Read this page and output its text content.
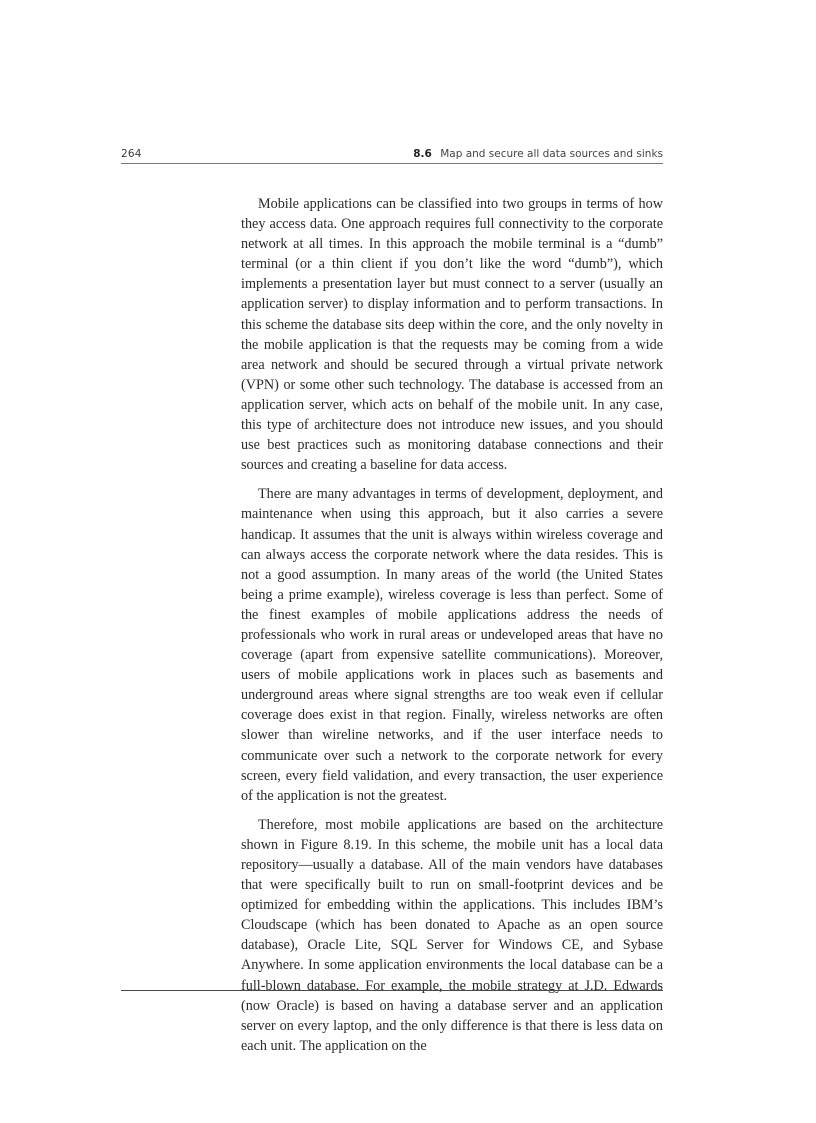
264	8.6 Map and secure all data sources and sinks

Mobile applications can be classified into two groups in terms of how they access data. One approach requires full connectivity to the corporate network at all times. In this approach the mobile terminal is a “dumb” terminal (or a thin client if you don’t like the word “dumb”), which implements a presentation layer but must connect to a server (usually an application server) to display information and to perform transactions. In this scheme the database sits deep within the core, and the only novelty in the mobile application is that the requests may be coming from a wide area network and should be secured through a virtual private network (VPN) or some other such technology. The database is accessed from an application server, which acts on behalf of the mobile unit. In any case, this type of architecture does not introduce new issues, and you should use best practices such as monitoring database connections and their sources and creating a baseline for data access.

There are many advantages in terms of development, deployment, and maintenance when using this approach, but it also carries a severe handicap. It assumes that the unit is always within wireless coverage and can always access the corporate network where the data resides. This is not a good assumption. In many areas of the world (the United States being a prime example), wireless coverage is less than perfect. Some of the finest examples of mobile applications address the needs of professionals who work in rural areas or undeveloped areas that have no coverage (apart from expensive satellite communications). Moreover, users of mobile applications work in places such as basements and underground areas where signal strengths are too weak even if cellular coverage does exist in that region. Finally, wireless networks are often slower than wireline networks, and if the user interface needs to communicate over such a network to the corporate network for every screen, every field validation, and every transaction, the user experience of the application is not the greatest.

Therefore, most mobile applications are based on the architecture shown in Figure 8.19. In this scheme, the mobile unit has a local data repository—usually a database. All of the main vendors have databases that were specifically built to run on small-footprint devices and be optimized for embedding within the applications. This includes IBM’s Cloudscape (which has been donated to Apache as an open source database), Oracle Lite, SQL Server for Windows CE, and Sybase Anywhere. In some application environments the local database can be a full-blown database. For example, the mobile strategy at J.D. Edwards (now Oracle) is based on having a database server and an application server on every laptop, and the only difference is that there is less data on each unit. The application on the
